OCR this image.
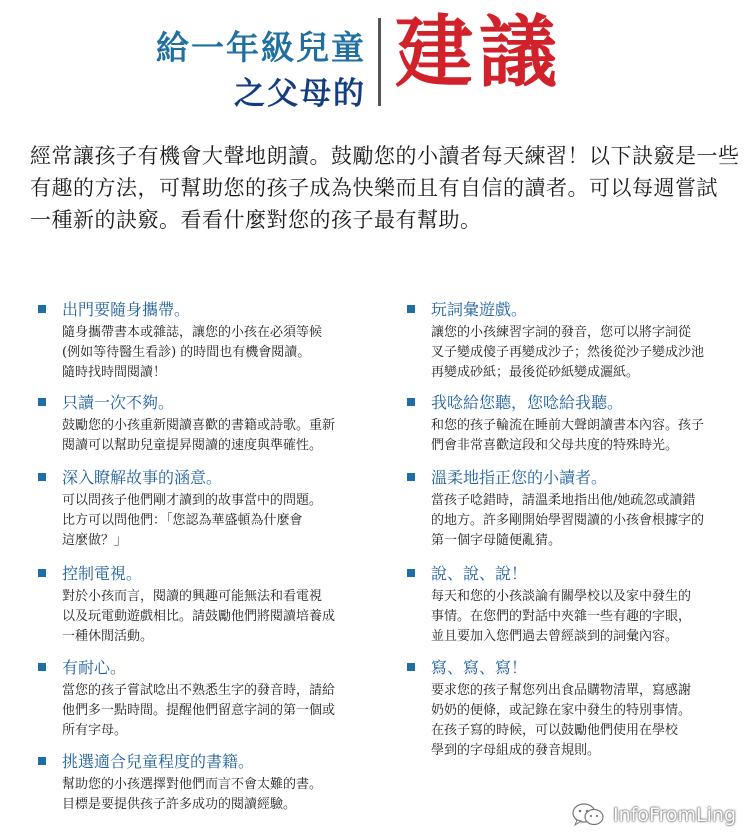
給一年級兒童
之父母的 建議
經常讓孩子有機會大聲地朗讀。鼓勵您的小讀者每天練習！以下訣竅是一些
有趣的方法，可幫助您的孩子成為快樂而且有自信的讀者。可以每週嘗試
一種新的訣竅。看看什麼對您的孩子最有幫助。
出門要隨身攜帶。
隨身攜帶書本或雜誌，讓您的小孩在必須等候
(例如等待醫生看診) 的時間也有機會閱讀。
隨時找時間閱讀！
只讀一次不夠。
鼓勵您的小孩重新閱讀喜歡的書籍或詩歌。重新
閱讀可以幫助兒童提昇閱讀的速度與準確性。
深入瞭解故事的涵意。
可以問孩子他們剛才讀到的故事當中的問題。
比方可以問他們：「您認為華盛頓為什麼會
這麼做？」
控制電視。
對於小孩而言，閱讀的興趣可能無法和看電視
以及玩電動遊戲相比。請鼓勵他們將閱讀培養成
一種休閒活動。
有耐心。
當您的孩子嘗試唸出不熟悉生字的發音時，請給
他們多一點時間。提醒他們留意字詞的第一個或
所有字母。
挑選適合兒童程度的書籍。
幫助您的小孩選擇對他們而言不會太難的書。
目標是要提供孩子許多成功的閱讀經驗。
玩詞彙遊戲。
讓您的小孩練習字詞的發音，您可以將字詞從
叉子變成傻子再變成沙子；然後從沙子變成沙池
再變成砂紙；最後從砂紙變成灑紙。
我唸給您聽，您唸給我聽。
和您的孩子輪流在睡前大聲朗讀書本內容。孩子
們會非常喜歡這段和父母共度的特殊時光。
溫柔地指正您的小讀者。
當孩子唸錯時，請溫柔地指出他/她疏忽或讀錯
的地方。許多剛開始學習閱讀的小孩會根據字的
第一個字母隨便亂猜。
說、說、說！
每天和您的小孩談論有關學校以及家中發生的
事情。在您們的對話中夾雜一些有趣的字眼，
並且要加入您們過去曾經談到的詞彙內容。
寫、寫、寫！
要求您的孩子幫您列出食品購物清單，寫感謝
奶奶的便條，或記錄在家中發生的特別事情。
在孩子寫的時候，可以鼓勵他們使用在學校
學到的字母組成的發音規則。
InfoFromLing
